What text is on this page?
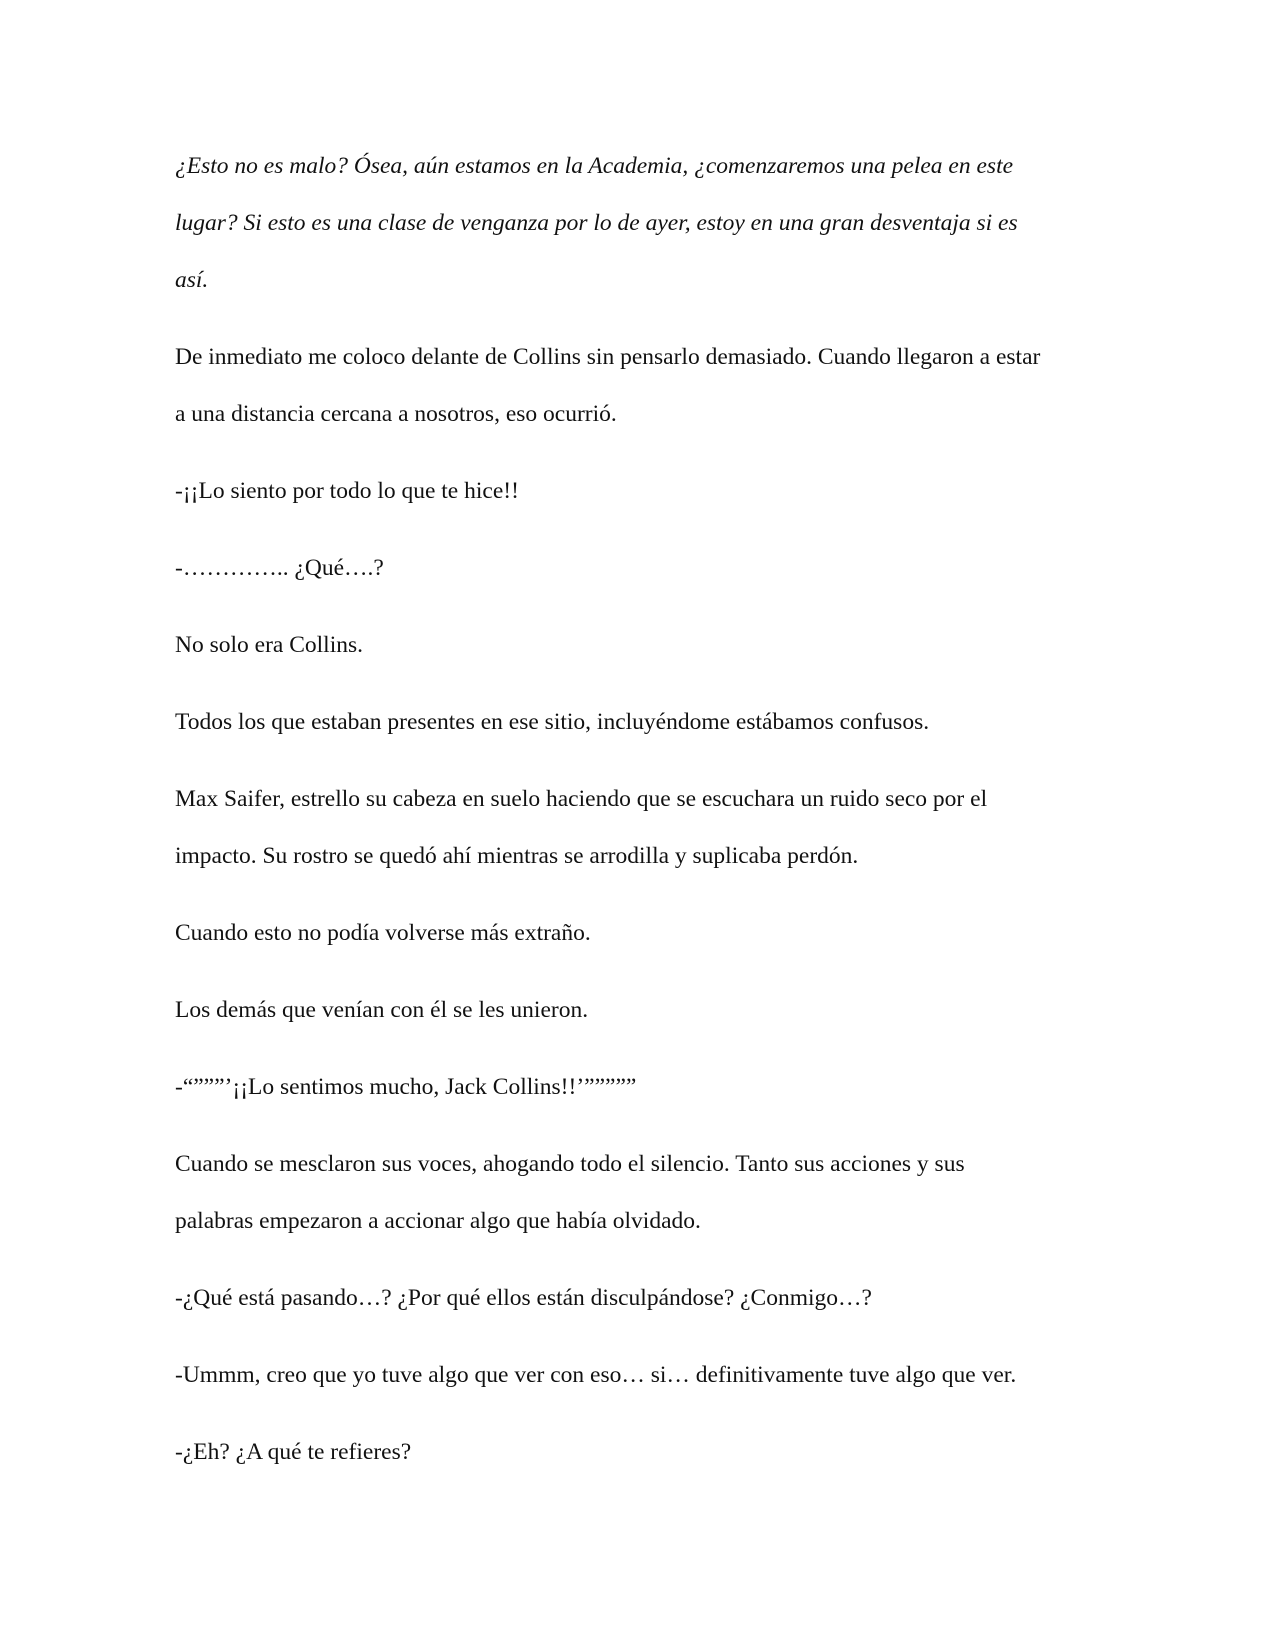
¿Esto no es malo? Ósea, aún estamos en la Academia, ¿comenzaremos una pelea en este
lugar? Si esto es una clase de venganza por lo de ayer, estoy en una gran desventaja si es
así.

De inmediato me coloco delante de Collins sin pensarlo demasiado. Cuando llegaron a estar
a una distancia cercana a nosotros, eso ocurrió.

-¡¡Lo siento por todo lo que te hice!!

-………….. ¿Qué….?

No solo era Collins.

Todos los que estaban presentes en ese sitio, incluyéndome estábamos confusos.

Max Saifer, estrello su cabeza en suelo haciendo que se escuchara un ruido seco por el
impacto. Su rostro se quedó ahí mientras se arrodilla y suplicaba perdón.

Cuando esto no podía volverse más extraño.

Los demás que venían con él se les unieron.

-“”””’¡¡Lo sentimos mucho, Jack Collins!!’”””””

Cuando se mesclaron sus voces, ahogando todo el silencio. Tanto sus acciones y sus
palabras empezaron a accionar algo que había olvidado.

-¿Qué está pasando…? ¿Por qué ellos están disculpándose? ¿Conmigo…?

-Ummm, creo que yo tuve algo que ver con eso… si… definitivamente tuve algo que ver.

-¿Eh? ¿A qué te refieres?
